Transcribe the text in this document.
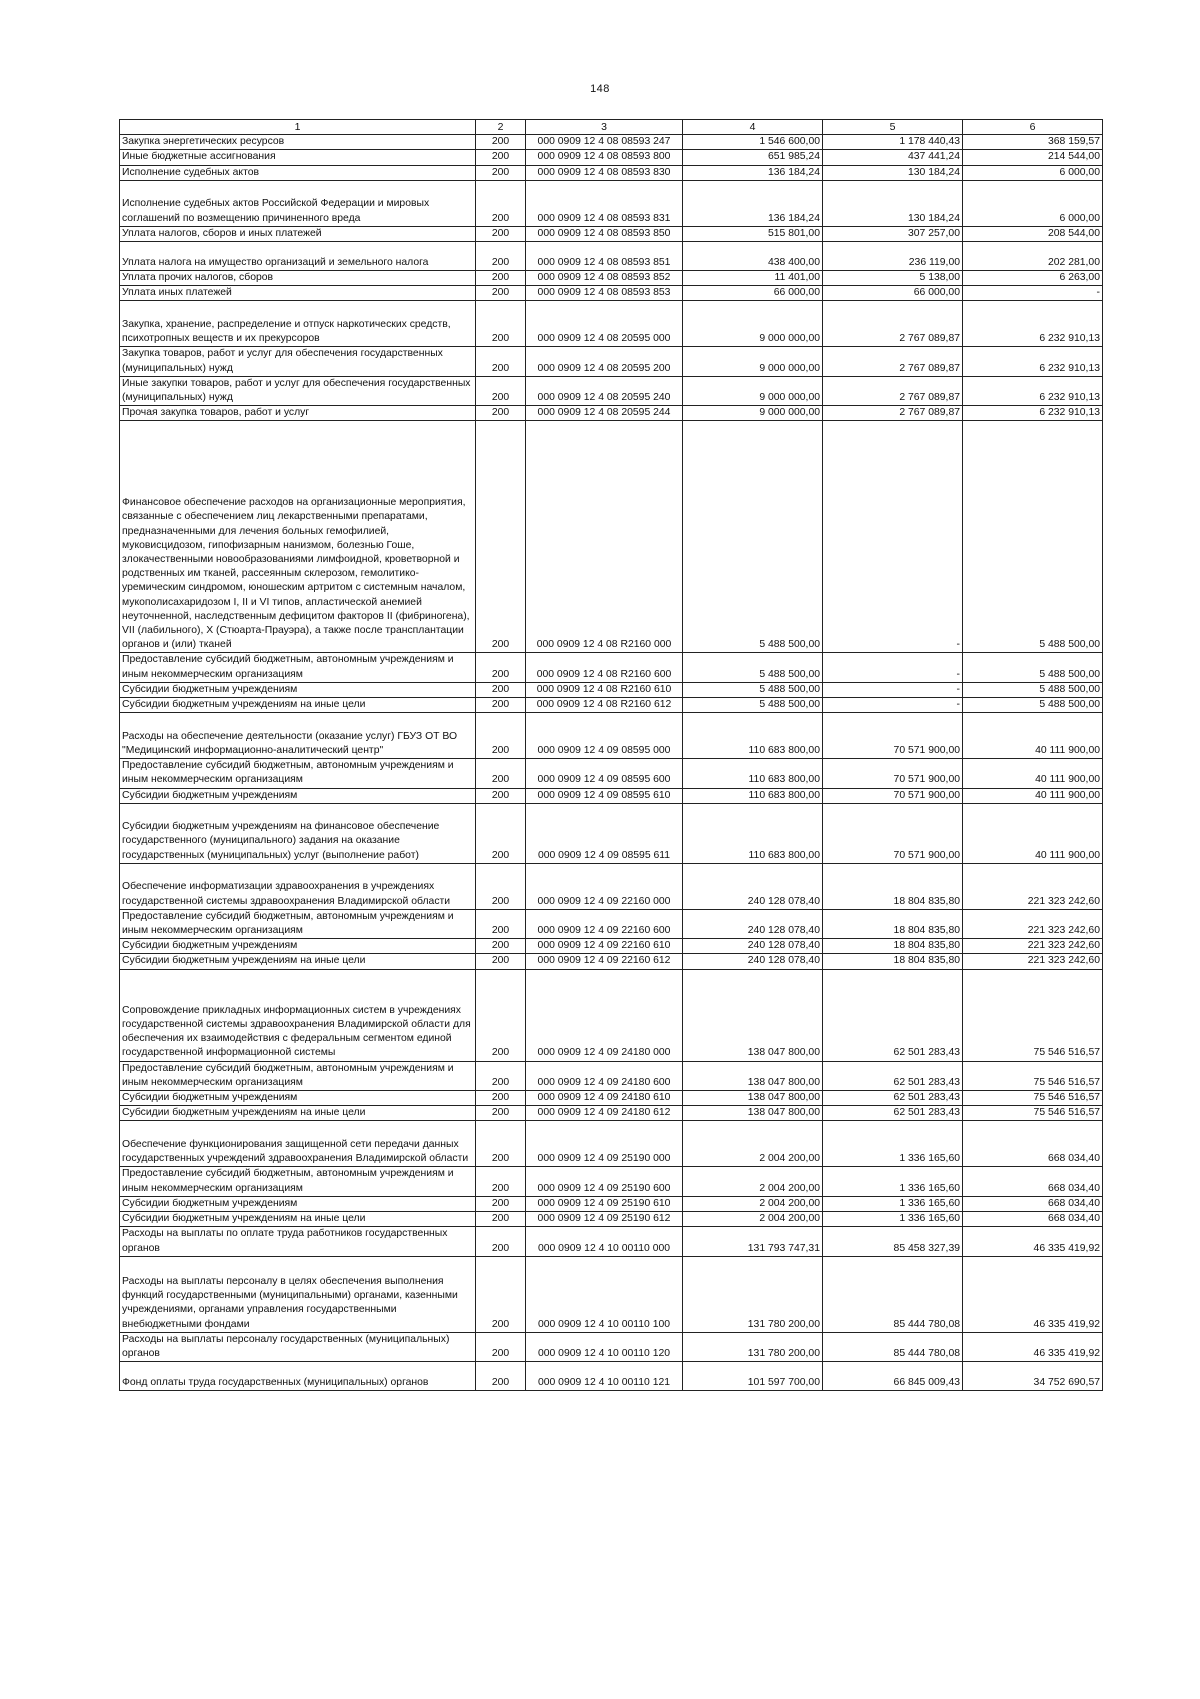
148
1	2	3	4	5	6
Закупка энергетических ресурсов	200	000 0909 12 4 08 08593 247	1 546 600,00	1 178 440,43	368 159,57
Иные бюджетные ассигнования	200	000 0909 12 4 08 08593 800	651 985,24	437 441,24	214 544,00
Исполнение судебных актов	200	000 0909 12 4 08 08593 830	136 184,24	130 184,24	6 000,00
Исполнение судебных актов Российской Федерации и мировых соглашений по возмещению причиненного вреда	200	000 0909 12 4 08 08593 831	136 184,24	130 184,24	6 000,00
Уплата налогов, сборов и иных платежей	200	000 0909 12 4 08 08593 850	515 801,00	307 257,00	208 544,00
Уплата налога на имущество организаций и земельного налога	200	000 0909 12 4 08 08593 851	438 400,00	236 119,00	202 281,00
Уплата прочих налогов, сборов	200	000 0909 12 4 08 08593 852	11 401,00	5 138,00	6 263,00
Уплата иных платежей	200	000 0909 12 4 08 08593 853	66 000,00	66 000,00	-
Закупка, хранение, распределение и отпуск наркотических средств, психотропных веществ и их прекурсоров	200	000 0909 12 4 08 20595 000	9 000 000,00	2 767 089,87	6 232 910,13
Закупка товаров, работ и услуг для обеспечения государственных (муниципальных) нужд	200	000 0909 12 4 08 20595 200	9 000 000,00	2 767 089,87	6 232 910,13
Иные закупки товаров, работ и услуг для обеспечения государственных (муниципальных) нужд	200	000 0909 12 4 08 20595 240	9 000 000,00	2 767 089,87	6 232 910,13
Прочая закупка товаров, работ и услуг	200	000 0909 12 4 08 20595 244	9 000 000,00	2 767 089,87	6 232 910,13
Финансовое обеспечение расходов на организационные мероприятия, связанные с обеспечением лиц лекарственными препаратами, предназначенными для лечения больных гемофилией, муковисцидозом, гипофизарным нанизмом, болезнью Гоше, злокачественными новообразованиями лимфоидной, кроветворной и родственных им тканей, рассеянным склерозом, гемолитико-уремическим синдромом, юношеским артритом с системным началом, мукополисахаридозом I, II и VI типов, апластической анемией неуточненной, наследственным дефицитом факторов II (фибриногена), VII (лабильного), X (Стюарта-Прауэра), а также после трансплантации органов и (или) тканей	200	000 0909 12 4 08 R2160 000	5 488 500,00	-	5 488 500,00
Предоставление субсидий бюджетным, автономным учреждениям и иным некоммерческим организациям	200	000 0909 12 4 08 R2160 600	5 488 500,00	-	5 488 500,00
Субсидии бюджетным учреждениям	200	000 0909 12 4 08 R2160 610	5 488 500,00	-	5 488 500,00
Субсидии бюджетным учреждениям на иные цели	200	000 0909 12 4 08 R2160 612	5 488 500,00	-	5 488 500,00
Расходы на обеспечение деятельности (оказание услуг) ГБУЗ ОТ ВО "Медицинский информационно-аналитический центр"	200	000 0909 12 4 09 08595 000	110 683 800,00	70 571 900,00	40 111 900,00
Предоставление субсидий бюджетным, автономным учреждениям и иным некоммерческим организациям	200	000 0909 12 4 09 08595 600	110 683 800,00	70 571 900,00	40 111 900,00
Субсидии бюджетным учреждениям	200	000 0909 12 4 09 08595 610	110 683 800,00	70 571 900,00	40 111 900,00
Субсидии бюджетным учреждениям на финансовое обеспечение государственного (муниципального) задания на оказание государственных (муниципальных) услуг (выполнение работ)	200	000 0909 12 4 09 08595 611	110 683 800,00	70 571 900,00	40 111 900,00
Обеспечение информатизации здравоохранения в учреждениях государственной системы здравоохранения Владимирской области	200	000 0909 12 4 09 22160 000	240 128 078,40	18 804 835,80	221 323 242,60
Предоставление субсидий бюджетным, автономным учреждениям и иным некоммерческим организациям	200	000 0909 12 4 09 22160 600	240 128 078,40	18 804 835,80	221 323 242,60
Субсидии бюджетным учреждениям	200	000 0909 12 4 09 22160 610	240 128 078,40	18 804 835,80	221 323 242,60
Субсидии бюджетным учреждениям на иные цели	200	000 0909 12 4 09 22160 612	240 128 078,40	18 804 835,80	221 323 242,60
Сопровождение прикладных информационных систем в учреждениях государственной системы здравоохранения Владимирской области для обеспечения их взаимодействия с федеральным сегментом единой государственной информационной системы	200	000 0909 12 4 09 24180 000	138 047 800,00	62 501 283,43	75 546 516,57
Предоставление субсидий бюджетным, автономным учреждениям и иным некоммерческим организациям	200	000 0909 12 4 09 24180 600	138 047 800,00	62 501 283,43	75 546 516,57
Субсидии бюджетным учреждениям	200	000 0909 12 4 09 24180 610	138 047 800,00	62 501 283,43	75 546 516,57
Субсидии бюджетным учреждениям на иные цели	200	000 0909 12 4 09 24180 612	138 047 800,00	62 501 283,43	75 546 516,57
Обеспечение функционирования защищенной сети передачи данных государственных учреждений здравоохранения Владимирской области	200	000 0909 12 4 09 25190 000	2 004 200,00	1 336 165,60	668 034,40
Предоставление субсидий бюджетным, автономным учреждениям и иным некоммерческим организациям	200	000 0909 12 4 09 25190 600	2 004 200,00	1 336 165,60	668 034,40
Субсидии бюджетным учреждениям	200	000 0909 12 4 09 25190 610	2 004 200,00	1 336 165,60	668 034,40
Субсидии бюджетным учреждениям на иные цели	200	000 0909 12 4 09 25190 612	2 004 200,00	1 336 165,60	668 034,40
Расходы на выплаты по оплате труда работников государственных органов	200	000 0909 12 4 10 00110 000	131 793 747,31	85 458 327,39	46 335 419,92
Расходы на выплаты персоналу в целях обеспечения выполнения функций государственными (муниципальными) органами, казенными учреждениями, органами управления государственными внебюджетными фондами	200	000 0909 12 4 10 00110 100	131 780 200,00	85 444 780,08	46 335 419,92
Расходы на выплаты персоналу государственных (муниципальных) органов	200	000 0909 12 4 10 00110 120	131 780 200,00	85 444 780,08	46 335 419,92
Фонд оплаты труда государственных (муниципальных) органов	200	000 0909 12 4 10 00110 121	101 597 700,00	66 845 009,43	34 752 690,57
